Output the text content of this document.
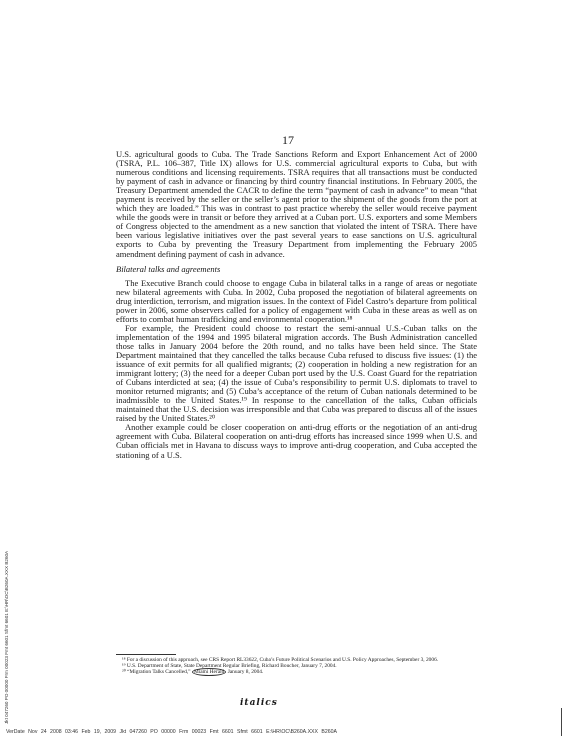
17

U.S. agricultural goods to Cuba. The Trade Sanctions Reform and Export Enhancement Act of 2000 (TSRA, P.L. 106–387, Title IX) allows for U.S. commercial agricultural exports to Cuba, but with numerous conditions and licensing requirements. TSRA requires that all transactions must be conducted by payment of cash in advance or financing by third country financial institutions. In February 2005, the Treasury Department amended the CACR to define the term “payment of cash in advance” to mean “that payment is received by the seller or the seller’s agent prior to the shipment of the goods from the port at which they are loaded.” This was in contrast to past practice whereby the seller would receive payment while the goods were in transit or before they arrived at a Cuban port. U.S. exporters and some Members of Congress objected to the amendment as a new sanction that violated the intent of TSRA. There have been various legislative initiatives over the past several years to ease sanctions on U.S. agricultural exports to Cuba by preventing the Treasury Department from implementing the February 2005 amendment defining payment of cash in advance.

Bilateral talks and agreements

The Executive Branch could choose to engage Cuba in bilateral talks in a range of areas or negotiate new bilateral agreements with Cuba. In 2002, Cuba proposed the negotiation of bilateral agreements on drug interdiction, terrorism, and migration issues. In the context of Fidel Castro’s departure from political power in 2006, some observers called for a policy of engagement with Cuba in these areas as well as on efforts to combat human trafficking and environmental cooperation.¹⁸

For example, the President could choose to restart the semi-annual U.S.-Cuban talks on the implementation of the 1994 and 1995 bilateral migration accords. The Bush Administration cancelled those talks in January 2004 before the 20th round, and no talks have been held since. The State Department maintained that they cancelled the talks because Cuba refused to discuss five issues: (1) the issuance of exit permits for all qualified migrants; (2) cooperation in holding a new registration for an immigrant lottery; (3) the need for a deeper Cuban port used by the U.S. Coast Guard for the repatriation of Cubans interdicted at sea; (4) the issue of Cuba’s responsibility to permit U.S. diplomats to travel to monitor returned migrants; and (5) Cuba’s acceptance of the return of Cuban nationals determined to be inadmissible to the United States.¹⁹ In response to the cancellation of the talks, Cuban officials maintained that the U.S. decision was irresponsible and that Cuba was prepared to discuss all of the issues raised by the United States.²⁰

Another example could be closer cooperation on anti-drug efforts or the negotiation of an anti-drug agreement with Cuba. Bilateral cooperation on anti-drug efforts has increased since 1999 when U.S. and Cuban officials met in Havana to discuss ways to improve anti-drug cooperation, and Cuba accepted the stationing of a U.S.

¹⁸ For a discussion of this approach, see CRS Report RL33622, Cuba’s Future Political Scenarios and U.S. Policy Approaches, September 3, 2006.

¹⁹ U.S. Department of State, State Department Regular Briefing, Richard Boucher, January 7, 2004.

²⁰ “Migration Talks Cancelled,” Miami Herald January 8, 2004.

italics
Jkt 047260 PO 00000 Frm 00023 Fmt 6601 Sfmt 6601 E:\HR\OC\B260A.XXX B260A
VerDate Nov 24 2008 03:46 Feb 19, 2009 Jkt 047260 PO 00000 Frm 00023 Fmt 6601 Sfmt 6601 E:\HR\OC\B260A.XXX B260A
